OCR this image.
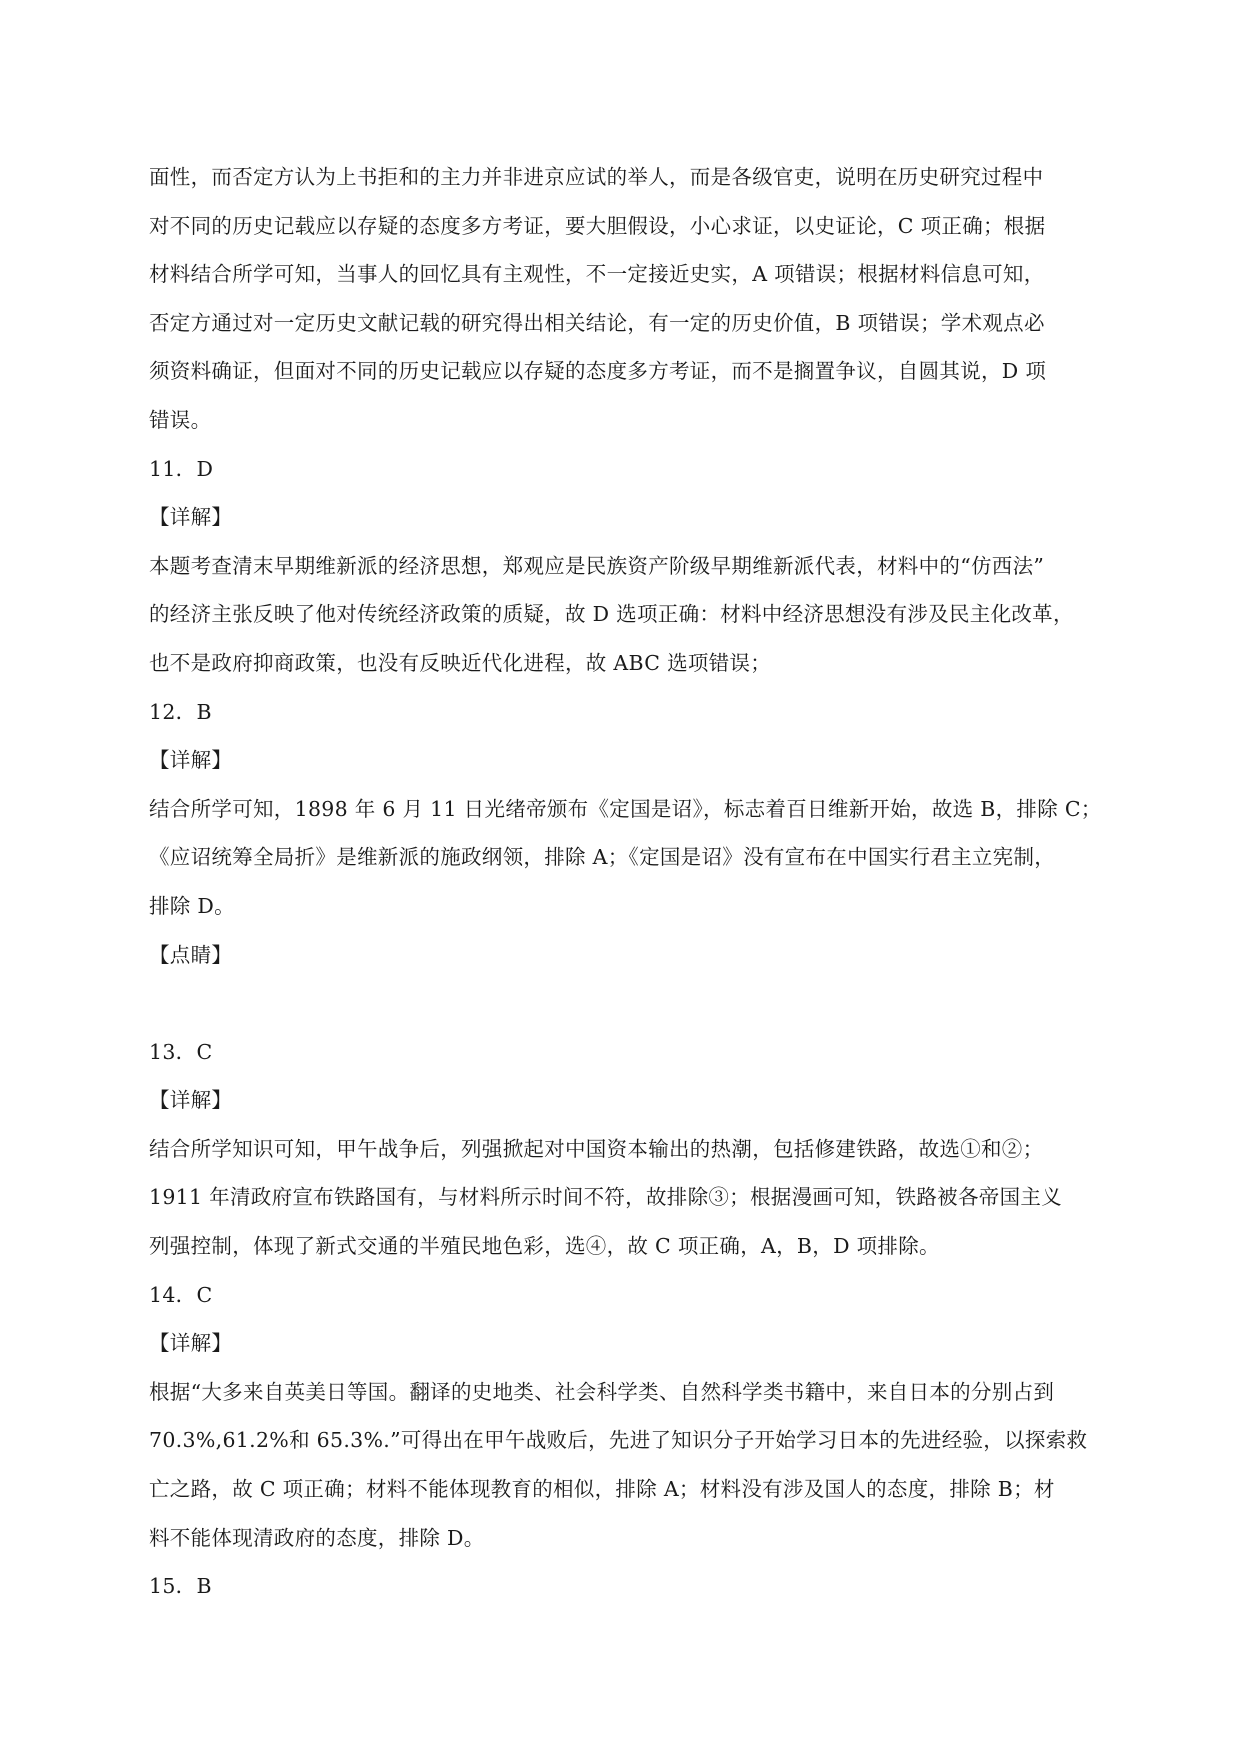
面性，而否定方认为上书拒和的主力并非进京应试的举人，而是各级官吏，说明在历史研究过程中
对不同的历史记载应以存疑的态度多方考证，要大胆假设，小心求证，以史证论，C 项正确；根据
材料结合所学可知，当事人的回忆具有主观性，不一定接近史实，A 项错误；根据材料信息可知，
否定方通过对一定历史文献记载的研究得出相关结论，有一定的历史价值，B 项错误；学术观点必
须资料确证，但面对不同的历史记载应以存疑的态度多方考证，而不是搁置争议，自圆其说，D 项
错误。
11．D
【详解】
本题考查清末早期维新派的经济思想，郑观应是民族资产阶级早期维新派代表，材料中的“仿西法”
的经济主张反映了他对传统经济政策的质疑，故 D 选项正确：材料中经济思想没有涉及民主化改革，
也不是政府抑商政策，也没有反映近代化进程，故 ABC 选项错误；
12．B
【详解】
结合所学可知，1898 年 6 月 11 日光绪帝颁布《定国是诏》，标志着百日维新开始，故选 B，排除 C；
《应诏统筹全局折》是维新派的施政纲领，排除 A；《定国是诏》没有宣布在中国实行君主立宪制，
排除 D。
【点睛】
13．C
【详解】
结合所学知识可知，甲午战争后，列强掀起对中国资本输出的热潮，包括修建铁路，故选①和②；
1911 年清政府宣布铁路国有，与材料所示时间不符，故排除③；根据漫画可知，铁路被各帝国主义
列强控制，体现了新式交通的半殖民地色彩，选④，故 C 项正确，A，B，D 项排除。
14．C
【详解】
根据“大多来自英美日等国。翻译的史地类、社会科学类、自然科学类书籍中，来自日本的分别占到
70.3%,61.2%和 65.3%.”可得出在甲午战败后，先进了知识分子开始学习日本的先进经验，以探索救
亡之路，故 C 项正确；材料不能体现教育的相似，排除 A；材料没有涉及国人的态度，排除 B；材
料不能体现清政府的态度，排除 D。
15．B
